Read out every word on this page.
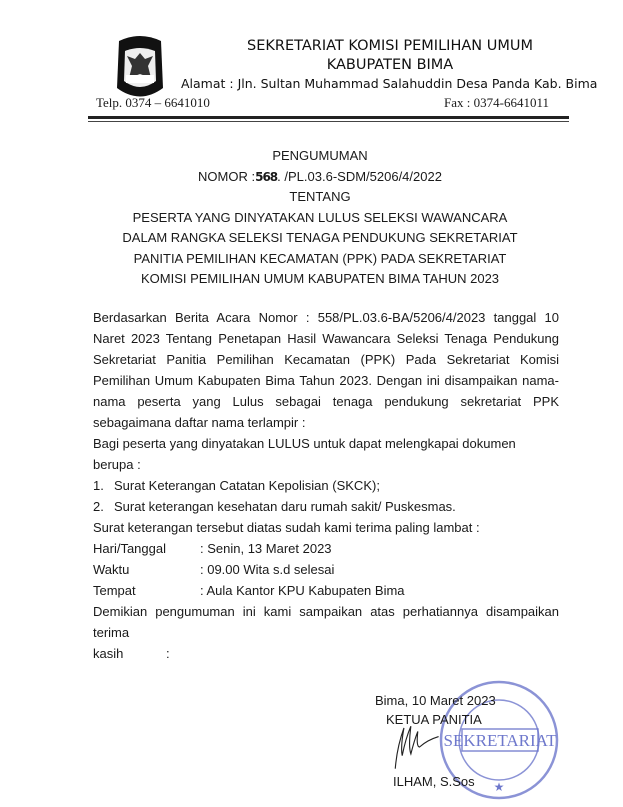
SEKRETARIAT KOMISI PEMILIHAN UMUM
KABUPATEN BIMA
Alamat : Jln. Sultan Muhammad Salahuddin Desa Panda Kab. Bima
Telp. 0374 – 6641010	Fax : 0374-6641011
PENGUMUMAN
NOMOR :568. /PL.03.6-SDM/5206/4/2022
TENTANG
PESERTA YANG DINYATAKAN LULUS SELEKSI WAWANCARA
DALAM RANGKA SELEKSI TENAGA PENDUKUNG SEKRETARIAT
PANITIA PEMILIHAN KECAMATAN (PPK) PADA SEKRETARIAT
KOMISI PEMILIHAN UMUM KABUPATEN BIMA TAHUN 2023
Berdasarkan Berita Acara Nomor : 558/PL.03.6-BA/5206/4/2023 tanggal 10 Naret 2023 Tentang Penetapan Hasil Wawancara Seleksi Tenaga Pendukung Sekretariat Panitia Pemilihan Kecamatan (PPK) Pada Sekretariat Komisi Pemilihan Umum Kabupaten Bima Tahun 2023. Dengan ini disampaikan nama-nama peserta yang Lulus sebagai tenaga pendukung sekretariat PPK sebagaimana daftar nama terlampir :
Bagi peserta yang dinyatakan LULUS untuk dapat melengkapai dokumen berupa :
1. Surat Keterangan Catatan Kepolisian (SKCK);
2. Surat keterangan kesehatan daru rumah sakit/ Puskesmas.
Surat keterangan tersebut diatas sudah kami terima paling lambat :
Hari/Tanggal	: Senin, 13 Maret 2023
Waktu	: 09.00 Wita s.d selesai
Tempat	: Aula Kantor KPU Kabupaten Bima
Demikian pengumuman ini kami sampaikan atas perhatiannya disampaikan terima
kasih	:
SEKRETARIAT
★
Bima, 10 Maret 2023
KETUA PANITIA
ILHAM, S.Sos
